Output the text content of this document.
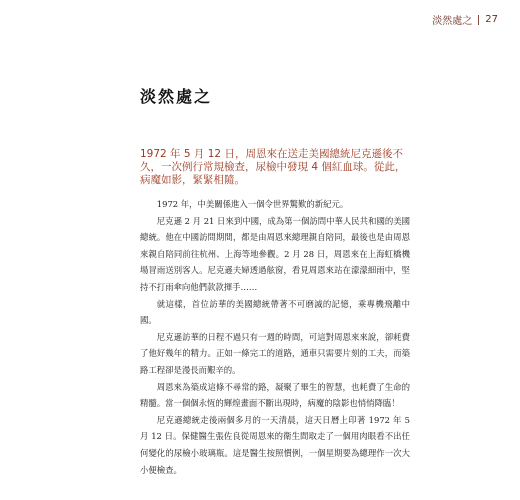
淡然處之 27
淡然處之
1972 年 5 月 12 日，周恩來在送走美國總統尼克遜後不久，一次例行常規檢查，尿檢中發現 4 個紅血球。從此，病魔如影，緊緊相隨。

1972 年，中美關係進入一個令世界驚歎的新紀元。

尼克遜 2 月 21 日來到中國，成為第一個訪問中華人民共和國的美國總統。他在中國訪問期間，都是由周恩來總理親自陪同，最後也是由周恩來親自陪同前往杭州、上海等地參觀。2 月 28 日，周恩來在上海虹橋機場冒雨送別客人。尼克遜夫婦透過舷窗，看見周恩來站在濛濛細雨中，堅持不打雨傘向他們款款揮手……

就這樣，首位訪華的美國總統帶著不可磨滅的記憶，乘專機飛離中國。

尼克遜訪華的日程不過只有一週的時間，可這對周恩來來說，卻耗費了他好幾年的精力。正如一條完工的道路，通車只需要片刻的工夫，而築路工程卻是漫長而艱辛的。

周恩來為築成這條不尋常的路，凝聚了畢生的智慧，也耗費了生命的精髓。當一個個永恆的輝煌畫面不斷出現時，病魔的陰影也悄悄降臨！

尼克遜總統走後兩個多月的一天清晨，這天日曆上印著 1972 年 5 月 12 日。保健醫生張佐良從周恩來的衛生間取走了一個用肉眼看不出任何變化的尿檢小玻璃瓶。這是醫生按照慣例，一個星期要為總理作一次大小便檢查。
